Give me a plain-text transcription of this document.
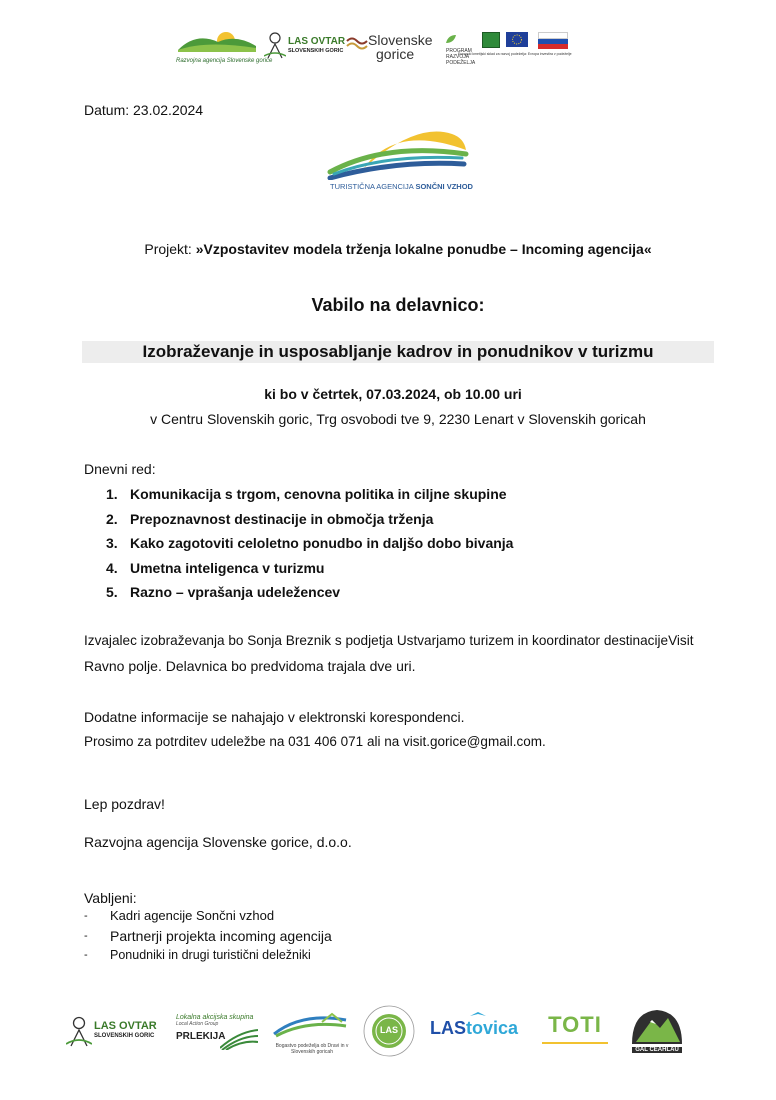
Razvojna agencija Slovenske gorice
LAS OVTAR
SLOVENSKIH GORIC
Slovenske
gorice	PROGRAM RAZVOJA PODEŽELJA
Evropski kmetijski sklad za razvoj podeželja: Evropa investira v podeželje
Datum: 23.02.2024
TURISTIČNA AGENCIJA SONČNI VZHOD
Projekt: »Vzpostavitev modela trženja lokalne ponudbe – Incoming agencija«
Vabilo na delavnico:
Izobraževanje in usposabljanje kadrov in ponudnikov v turizmu
ki bo v četrtek, 07.03.2024, ob 10.00 uri
v Centru Slovenskih goric, Trg osvobodi tve 9, 2230 Lenart v Slovenskih goricah
Dnevni red:
1. Komunikacija s trgom, cenovna politika in ciljne skupine
2. Prepoznavnost destinacije in območja trženja
3. Kako zagotoviti celoletno ponudbo in daljšo dobo bivanja
4. Umetna inteligenca v turizmu
5. Razno – vprašanja udeležencev
Izvajalec izobraževanja bo Sonja Breznik s podjetja Ustvarjamo turizem in koordinator destinacijeVisit
Ravno polje. Delavnica bo predvidoma trajala dve uri.
Dodatne informacije se nahajajo v elektronski korespondenci.
Prosimo za potrditev udeležbe na 031 406 071 ali na visit.gorice@gmail.com.
Lep pozdrav!
Razvojna agencija Slovenske gorice, d.o.o.
Vabljeni:
-	Kadri agencije Sončni vzhod
-	Partnerji projekta incoming agencija
-	Ponudniki in drugi turistični deležniki
LAS OVTAR
SLOVENSKIH GORIC
Lokalna akcijska skupina
Local Action Group
PRLEKIJA
Bogastvo podeželja ob Dravi in v Slovenskih goricah
LAS	LAStovica	TOTI
GAL CEAHLĂU
